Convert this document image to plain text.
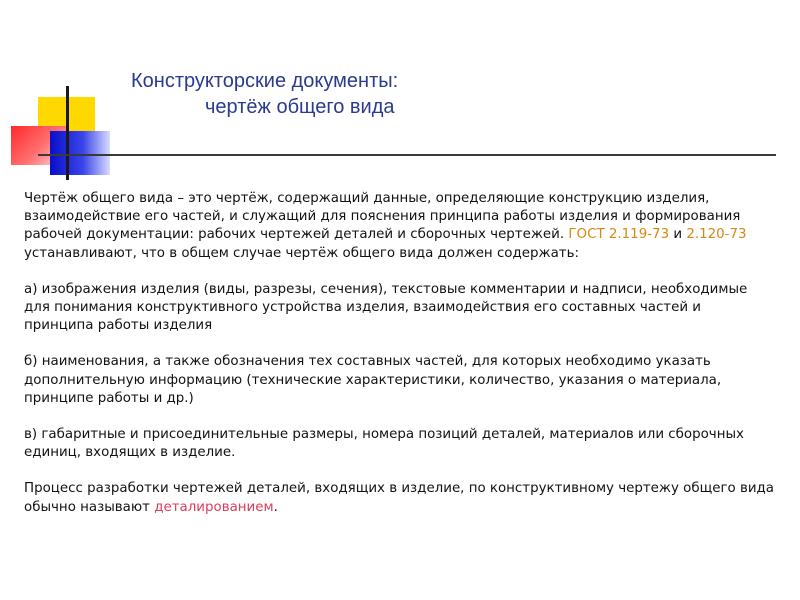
Конструкторские документы:
чертёж общего вида

Чертёж общего вида – это чертёж, содержащий данные, определяющие конструкцию изделия, взаимодействие его частей, и служащий для пояснения принципа работы изделия и формирования рабочей документации: рабочих чертежей деталей и сборочных чертежей. ГОСТ 2.119-73 и 2.120-73 устанавливают, что в общем случае чертёж общего вида должен содержать:

а) изображения изделия (виды, разрезы, сечения), текстовые комментарии и надписи, необходимые для понимания конструктивного устройства изделия, взаимодействия его составных частей и принципа работы изделия

б) наименования, а также обозначения тех составных частей, для которых необходимо указать дополнительную информацию (технические характеристики, количество, указания о материала, принципе работы и др.)

в) габаритные и присоединительные размеры, номера позиций деталей, материалов или сборочных единиц, входящих в изделие.

Процесс разработки чертежей деталей, входящих в изделие, по конструктивному чертежу общего вида обычно называют деталированием.
